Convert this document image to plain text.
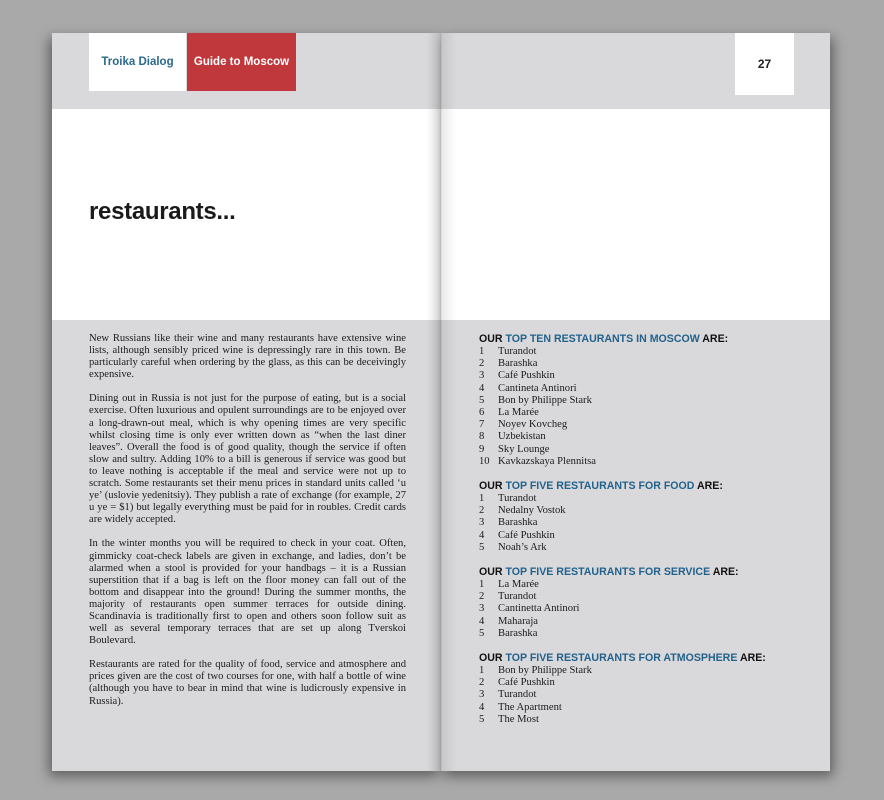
Troika Dialog Guide to Moscow
restaurants...

New Russians like their wine and many restaurants have extensive wine lists, although sensibly priced wine is depressingly rare in this town. Be particularly careful when ordering by the glass, as this can be deceivingly expensive.

Dining out in Russia is not just for the purpose of eating, but is a social exercise. Often luxurious and opulent surroundings are to be enjoyed over a long-drawn-out meal, which is why opening times are very specific whilst closing time is only ever written down as “when the last diner leaves”. Overall the food is of good quality, though the service if often slow and sultry. Adding 10% to a bill is generous if service was good but to leave nothing is acceptable if the meal and service were not up to scratch. Some restaurants set their menu prices in standard units called ‘u ye’ (uslovie yedenitsiy). They publish a rate of exchange (for example, 27 u ye = $1) but legally everything must be paid for in roubles. Credit cards are widely accepted.

In the winter months you will be required to check in your coat. Often, gimmicky coat-check labels are given in exchange, and ladies, don’t be alarmed when a stool is provided for your handbags – it is a Russian superstition that if a bag is left on the floor money can fall out of the bottom and disappear into the ground! During the summer months, the majority of restaurants open summer terraces for outside dining. Scandinavia is traditionally first to open and others soon follow suit as well as several temporary terraces that are set up along Tverskoi Boulevard.

Restaurants are rated for the quality of food, service and atmosphere and prices given are the cost of two courses for one, with half a bottle of wine (although you have to bear in mind that wine is ludicrously expensive in Russia).

27
OUR TOP TEN RESTAURANTS IN MOSCOW ARE:
1	Turandot
2	Barashka
3	Café Pushkin
4	Cantineta Antinori
5	Bon by Philippe Stark
6	La Marée
7	Noyev Kovcheg
8	Uzbekistan
9	Sky Lounge
10 Kavkazskaya Plennitsa
OUR TOP FIVE RESTAURANTS FOR FOOD ARE:
1	Turandot
2	Nedalny Vostok
3	Barashka
4	Café Pushkin
5	Noah’s Ark
OUR TOP FIVE RESTAURANTS FOR SERVICE ARE:
1	La Marée
2	Turandot
3	Cantinetta Antinori
4	Maharaja
5	Barashka
OUR TOP FIVE RESTAURANTS FOR ATMOSPHERE ARE:
1	Bon by Philippe Stark
2	Café Pushkin
3	Turandot
4	The Apartment
5	The Most
